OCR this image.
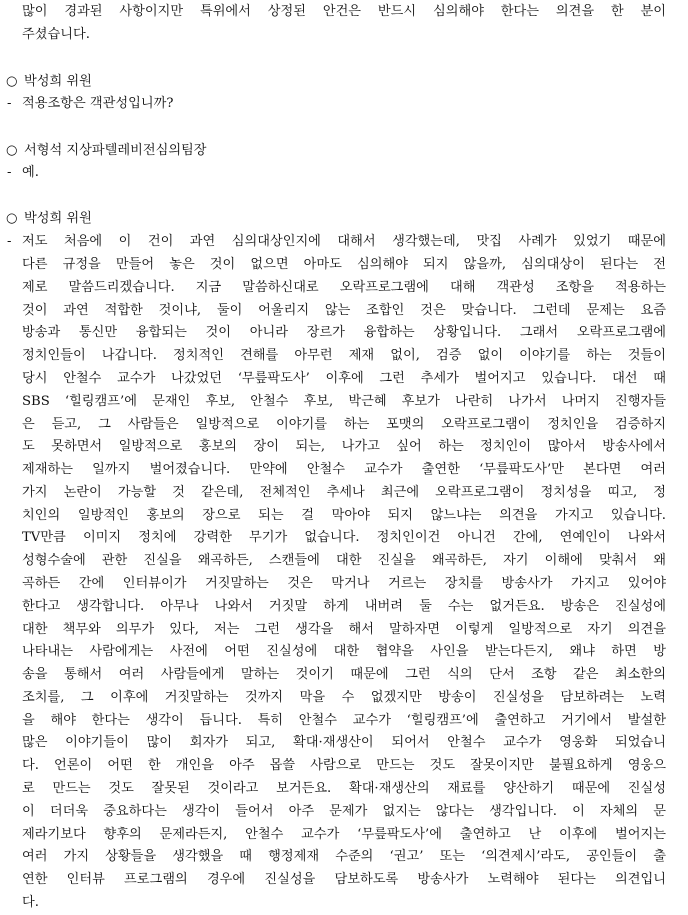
많이 경과된 사항이지만 특위에서 상정된 안건은 반드시 심의해야 한다는 의견을 한 분이
주셨습니다.
○ 박성희 위원
- 적용조항은 객관성입니까?
○ 서형석 지상파텔레비전심의팀장
- 예.
○ 박성희 위원
- 저도 처음에 이 건이 과연 심의대상인지에 대해서 생각했는데, 맛집 사례가 있었기 때문에
다른 규정을 만들어 놓은 것이 없으면 아마도 심의해야 되지 않을까, 심의대상이 된다는 전
제로 말씀드리겠습니다. 지금 말씀하신대로 오락프로그램에 대해 객관성 조항을 적용하는
것이 과연 적합한 것이냐, 둘이 어울리지 않는 조합인 것은 맞습니다. 그런데 문제는 요즘
방송과 통신만 융합되는 것이 아니라 장르가 융합하는 상황입니다. 그래서 오락프로그램에
정치인들이 나갑니다. 정치적인 견해를 아무런 제재 없이, 검증 없이 이야기를 하는 것들이
당시 안철수 교수가 나갔었던 ‘무릎팍도사’ 이후에 그런 추세가 벌어지고 있습니다. 대선 때
SBS ‘힐링캠프’에 문재인 후보, 안철수 후보, 박근혜 후보가 나란히 나가서 나머지 진행자들
은 듣고, 그 사람들은 일방적으로 이야기를 하는 포맷의 오락프로그램이 정치인을 검증하지
도 못하면서 일방적으로 홍보의 장이 되는, 나가고 싶어 하는 정치인이 많아서 방송사에서
제재하는 일까지 벌어졌습니다. 만약에 안철수 교수가 출연한 ‘무릎팍도사’만 본다면 여러
가지 논란이 가능할 것 같은데, 전체적인 추세나 최근에 오락프로그램이 정치성을 띠고, 정
치인의 일방적인 홍보의 장으로 되는 걸 막아야 되지 않느냐는 의견을 가지고 있습니다.
TV만큼 이미지 정치에 강력한 무기가 없습니다. 정치인이건 아니건 간에, 연예인이 나와서
성형수술에 관한 진실을 왜곡하든, 스캔들에 대한 진실을 왜곡하든, 자기 이해에 맞춰서 왜
곡하든 간에 인터뷰이가 거짓말하는 것은 막거나 거르는 장치를 방송사가 가지고 있어야
한다고 생각합니다. 아무나 나와서 거짓말 하게 내버려 둘 수는 없거든요. 방송은 진실성에
대한 책무와 의무가 있다, 저는 그런 생각을 해서 말하자면 이렇게 일방적으로 자기 의견을
나타내는 사람에게는 사전에 어떤 진실성에 대한 협약을 사인을 받는다든지, 왜냐 하면 방
송을 통해서 여러 사람들에게 말하는 것이기 때문에 그런 식의 단서 조항 같은 최소한의
조치를, 그 이후에 거짓말하는 것까지 막을 수 없겠지만 방송이 진실성을 담보하려는 노력
을 해야 한다는 생각이 듭니다. 특히 안철수 교수가 ‘힐링캠프’에 출연하고 거기에서 발설한
많은 이야기들이 많이 회자가 되고, 확대·재생산이 되어서 안철수 교수가 영웅화 되었습니
다. 언론이 어떤 한 개인을 아주 몹쓸 사람으로 만드는 것도 잘못이지만 불필요하게 영웅으
로 만드는 것도 잘못된 것이라고 보거든요. 확대·재생산의 재료를 양산하기 때문에 진실성
이 더더욱 중요하다는 생각이 들어서 아주 문제가 없지는 않다는 생각입니다. 이 자체의 문
제라기보다 향후의 문제라든지, 안철수 교수가 ‘무릎팍도사’에 출연하고 난 이후에 벌어지는
여러 가지 상황들을 생각했을 때 행정제재 수준의 ‘권고’ 또는 ‘의견제시’라도, 공인들이 출
연한 인터뷰 프로그램의 경우에 진실성을 담보하도록 방송사가 노력해야 된다는 의견입니
다.
